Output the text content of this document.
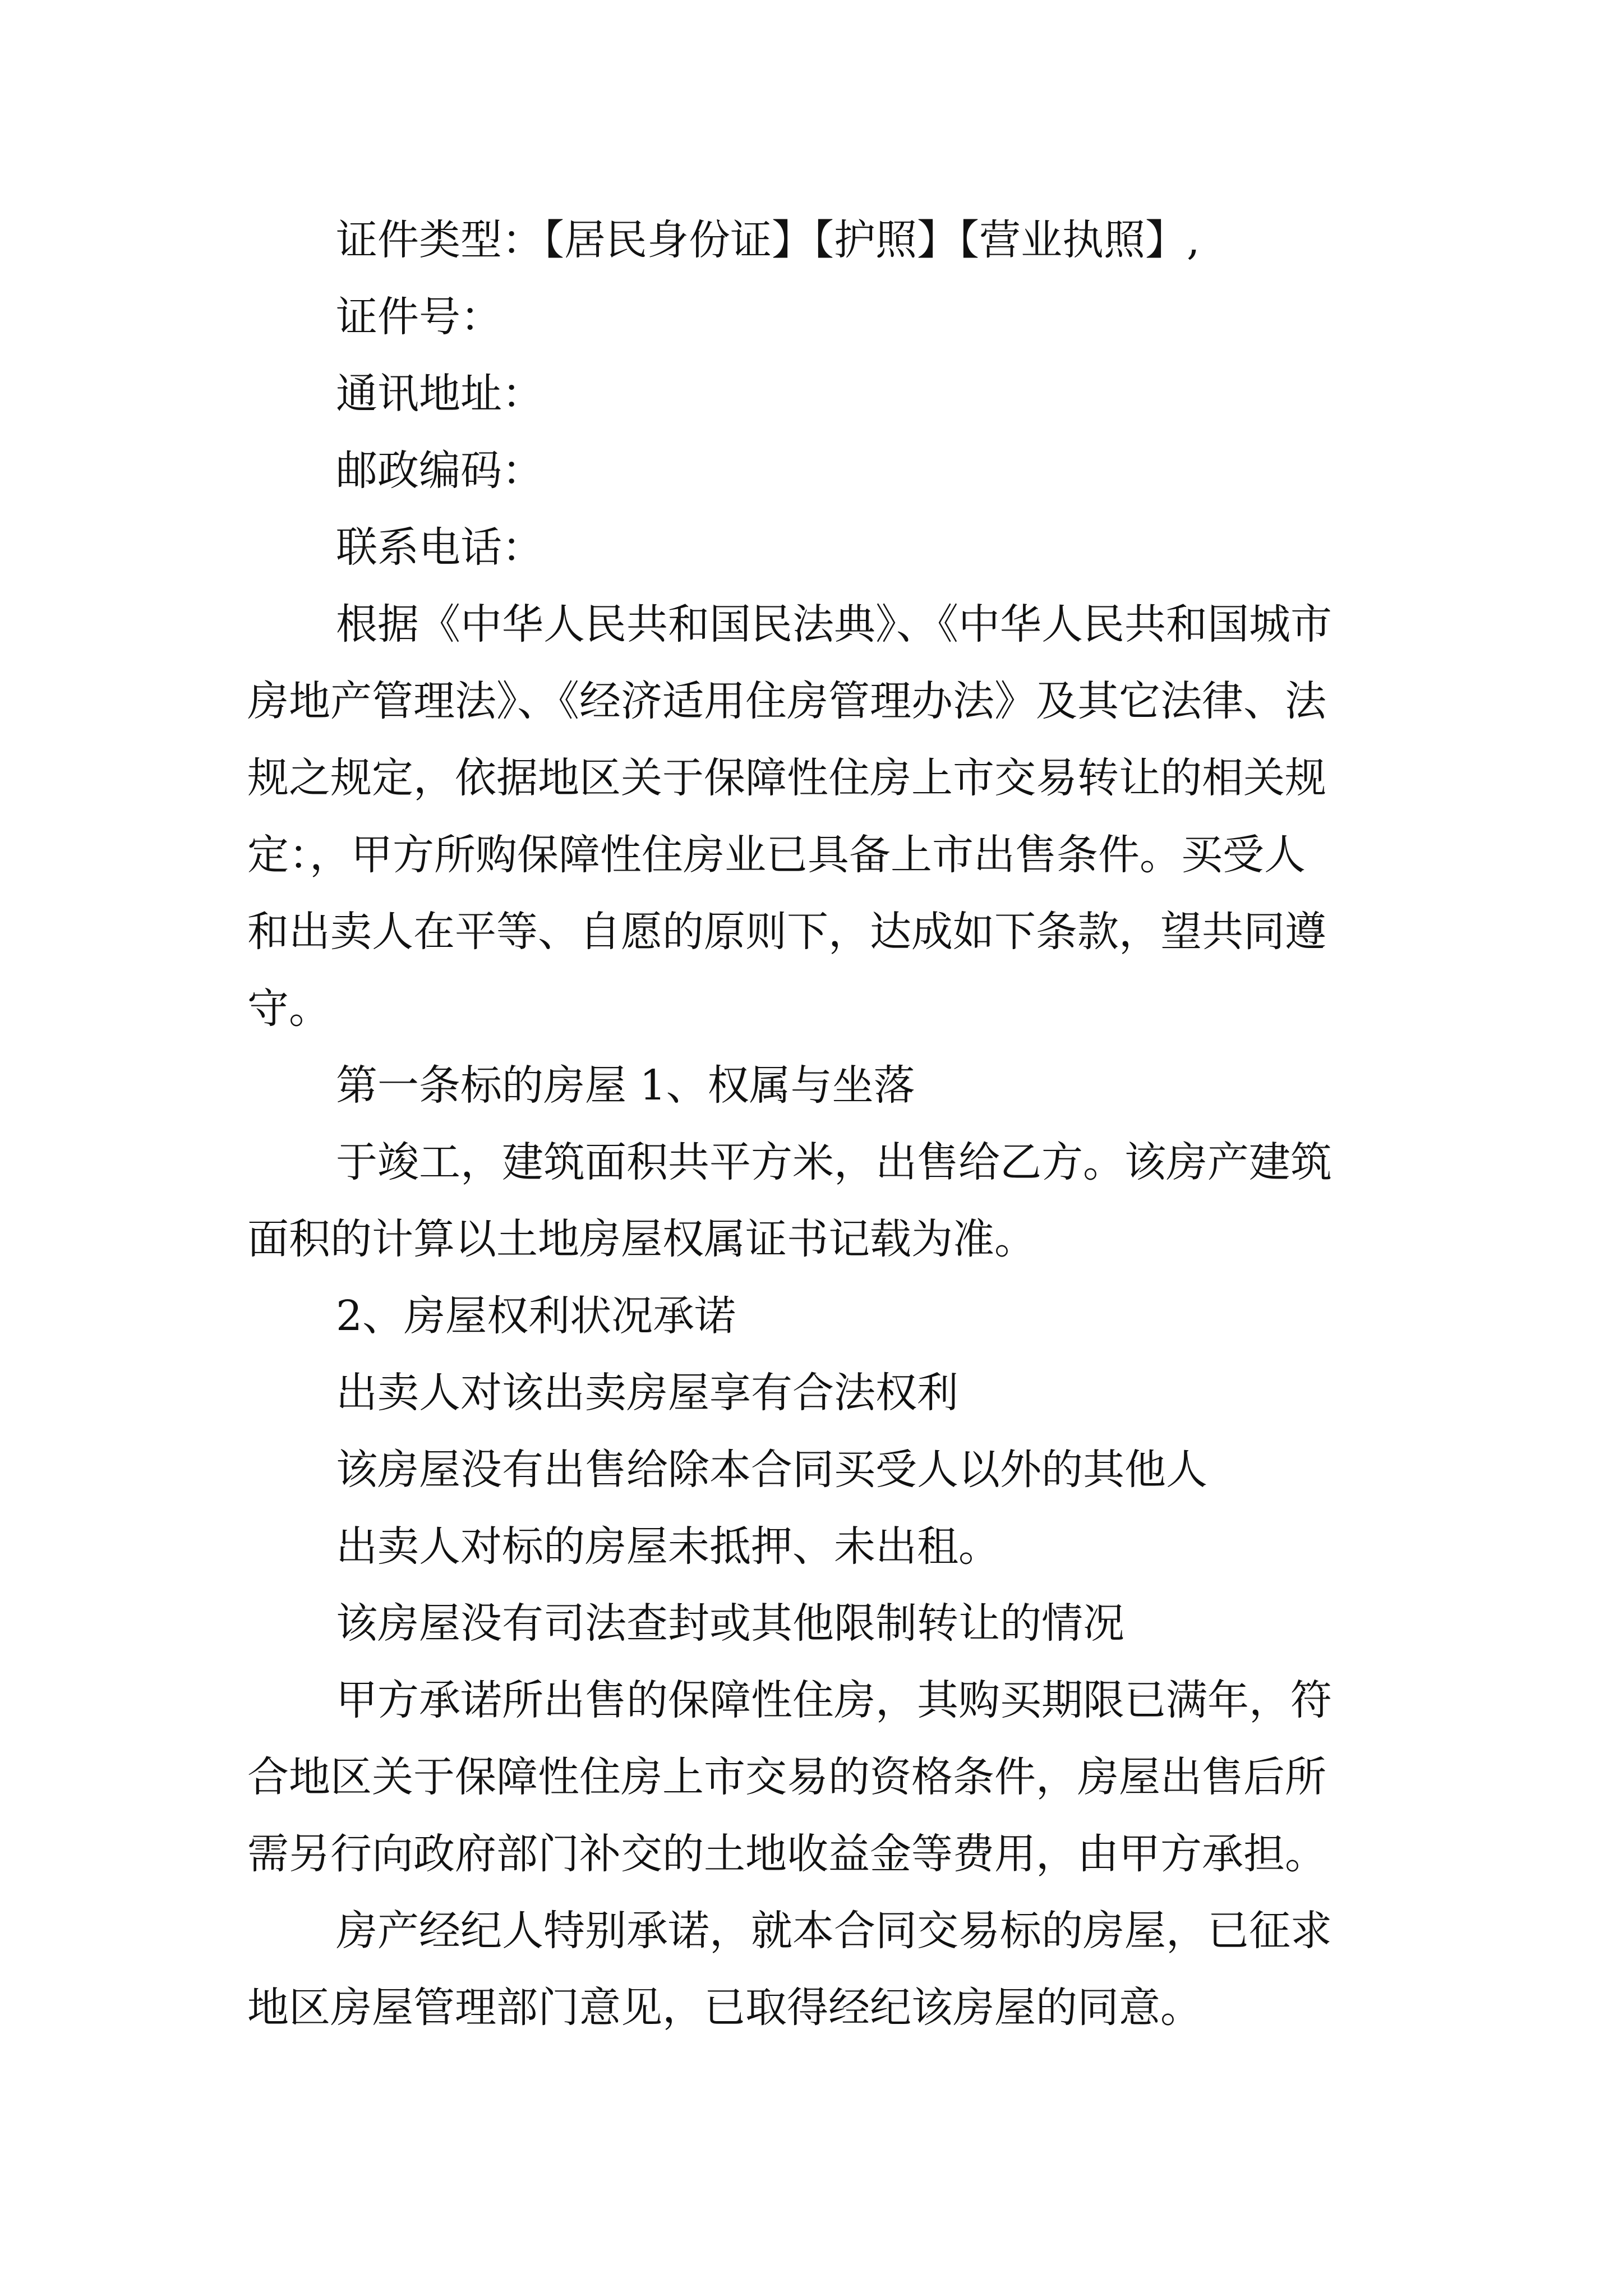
证件类型：【居民身份证】【护照】【营业执照】,
证件号：
通讯地址：
邮政编码：
联系电话：
根据《中华人民共和国民法典》、《中华人民共和国城市
房地产管理法》、《经济适用住房管理办法》及其它法律、法
规之规定，依据地区关于保障性住房上市交易转让的相关规
定：，甲方所购保障性住房业已具备上市出售条件。买受人
和出卖人在平等、自愿的原则下，达成如下条款，望共同遵
守。
第一条标的房屋 1、权属与坐落
于竣工，建筑面积共平方米，出售给乙方。该房产建筑
面积的计算以土地房屋权属证书记载为准。
2、房屋权利状况承诺
出卖人对该出卖房屋享有合法权利
该房屋没有出售给除本合同买受人以外的其他人
出卖人对标的房屋未抵押、未出租。
该房屋没有司法查封或其他限制转让的情况
甲方承诺所出售的保障性住房，其购买期限已满年，符
合地区关于保障性住房上市交易的资格条件，房屋出售后所
需另行向政府部门补交的土地收益金等费用，由甲方承担。
房产经纪人特别承诺，就本合同交易标的房屋，已征求
地区房屋管理部门意见，已取得经纪该房屋的同意。
